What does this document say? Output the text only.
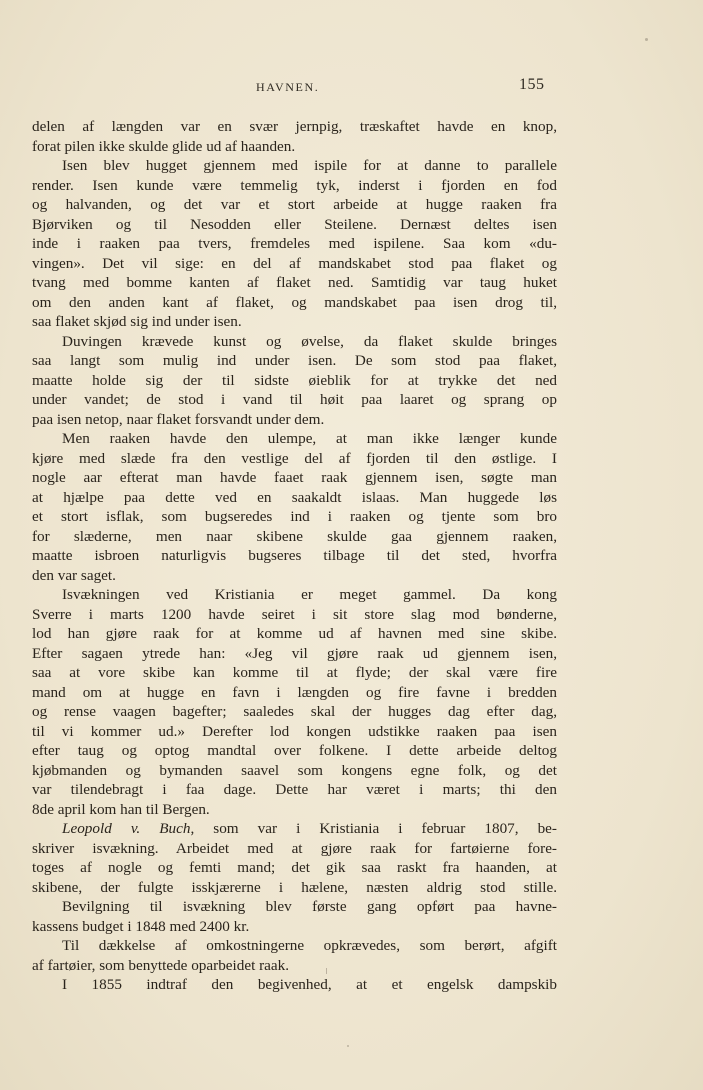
HAVNEN.	155
delen af længden var en svær jernpig, træskaftet havde en knop,
forat pilen ikke skulde glide ud af haanden.
Isen blev hugget gjennem med ispile for at danne to parallele
render. Isen kunde være temmelig tyk, inderst i fjorden en fod
og halvanden, og det var et stort arbeide at hugge raaken fra
Bjørviken og til Nesodden eller Steilene. Dernæst deltes isen
inde i raaken paa tvers, fremdeles med ispilene. Saa kom «du-
vingen». Det vil sige: en del af mandskabet stod paa flaket og
tvang med bomme kanten af flaket ned. Samtidig var taug huket
om den anden kant af flaket, og mandskabet paa isen drog til,
saa flaket skjød sig ind under isen.
Duvingen krævede kunst og øvelse, da flaket skulde bringes
saa langt som mulig ind under isen. De som stod paa flaket,
maatte holde sig der til sidste øieblik for at trykke det ned
under vandet; de stod i vand til høit paa laaret og sprang op
paa isen netop, naar flaket forsvandt under dem.
Men raaken havde den ulempe, at man ikke længer kunde
kjøre med slæde fra den vestlige del af fjorden til den østlige. I
nogle aar efterat man havde faaet raak gjennem isen, søgte man
at hjælpe paa dette ved en saakaldt islaas. Man huggede løs
et stort isflak, som bugseredes ind i raaken og tjente som bro
for slæderne, men naar skibene skulde gaa gjennem raaken,
maatte isbroen naturligvis bugseres tilbage til det sted, hvorfra
den var saget.
Isvækningen ved Kristiania er meget gammel. Da kong
Sverre i marts 1200 havde seiret i sit store slag mod bønderne,
lod han gjøre raak for at komme ud af havnen med sine skibe.
Efter sagaen ytrede han: «Jeg vil gjøre raak ud gjennem isen,
saa at vore skibe kan komme til at flyde; der skal være fire
mand om at hugge en favn i længden og fire favne i bredden
og rense vaagen bagefter; saaledes skal der hugges dag efter dag,
til vi kommer ud.» Derefter lod kongen udstikke raaken paa isen
efter taug og optog mandtal over folkene. I dette arbeide deltog
kjøbmanden og bymanden saavel som kongens egne folk, og det
var tilendebragt i faa dage. Dette har været i marts; thi den
8de april kom han til Bergen.
Leopold v. Buch, som var i Kristiania i februar 1807, be-
skriver isvækning. Arbeidet med at gjøre raak for fartøierne fore-
toges af nogle og femti mand; det gik saa raskt fra haanden, at
skibene, der fulgte isskjærerne i hælene, næsten aldrig stod stille.
Bevilgning til isvækning blev første gang opført paa havne-
kassens budget i 1848 med 2400 kr.
Til dækkelse af omkostningerne opkrævedes, som berørt, afgift
af fartøier, som benyttede oparbeidet raak.
I 1855 indtraf den begivenhed, at et engelsk dampskib
